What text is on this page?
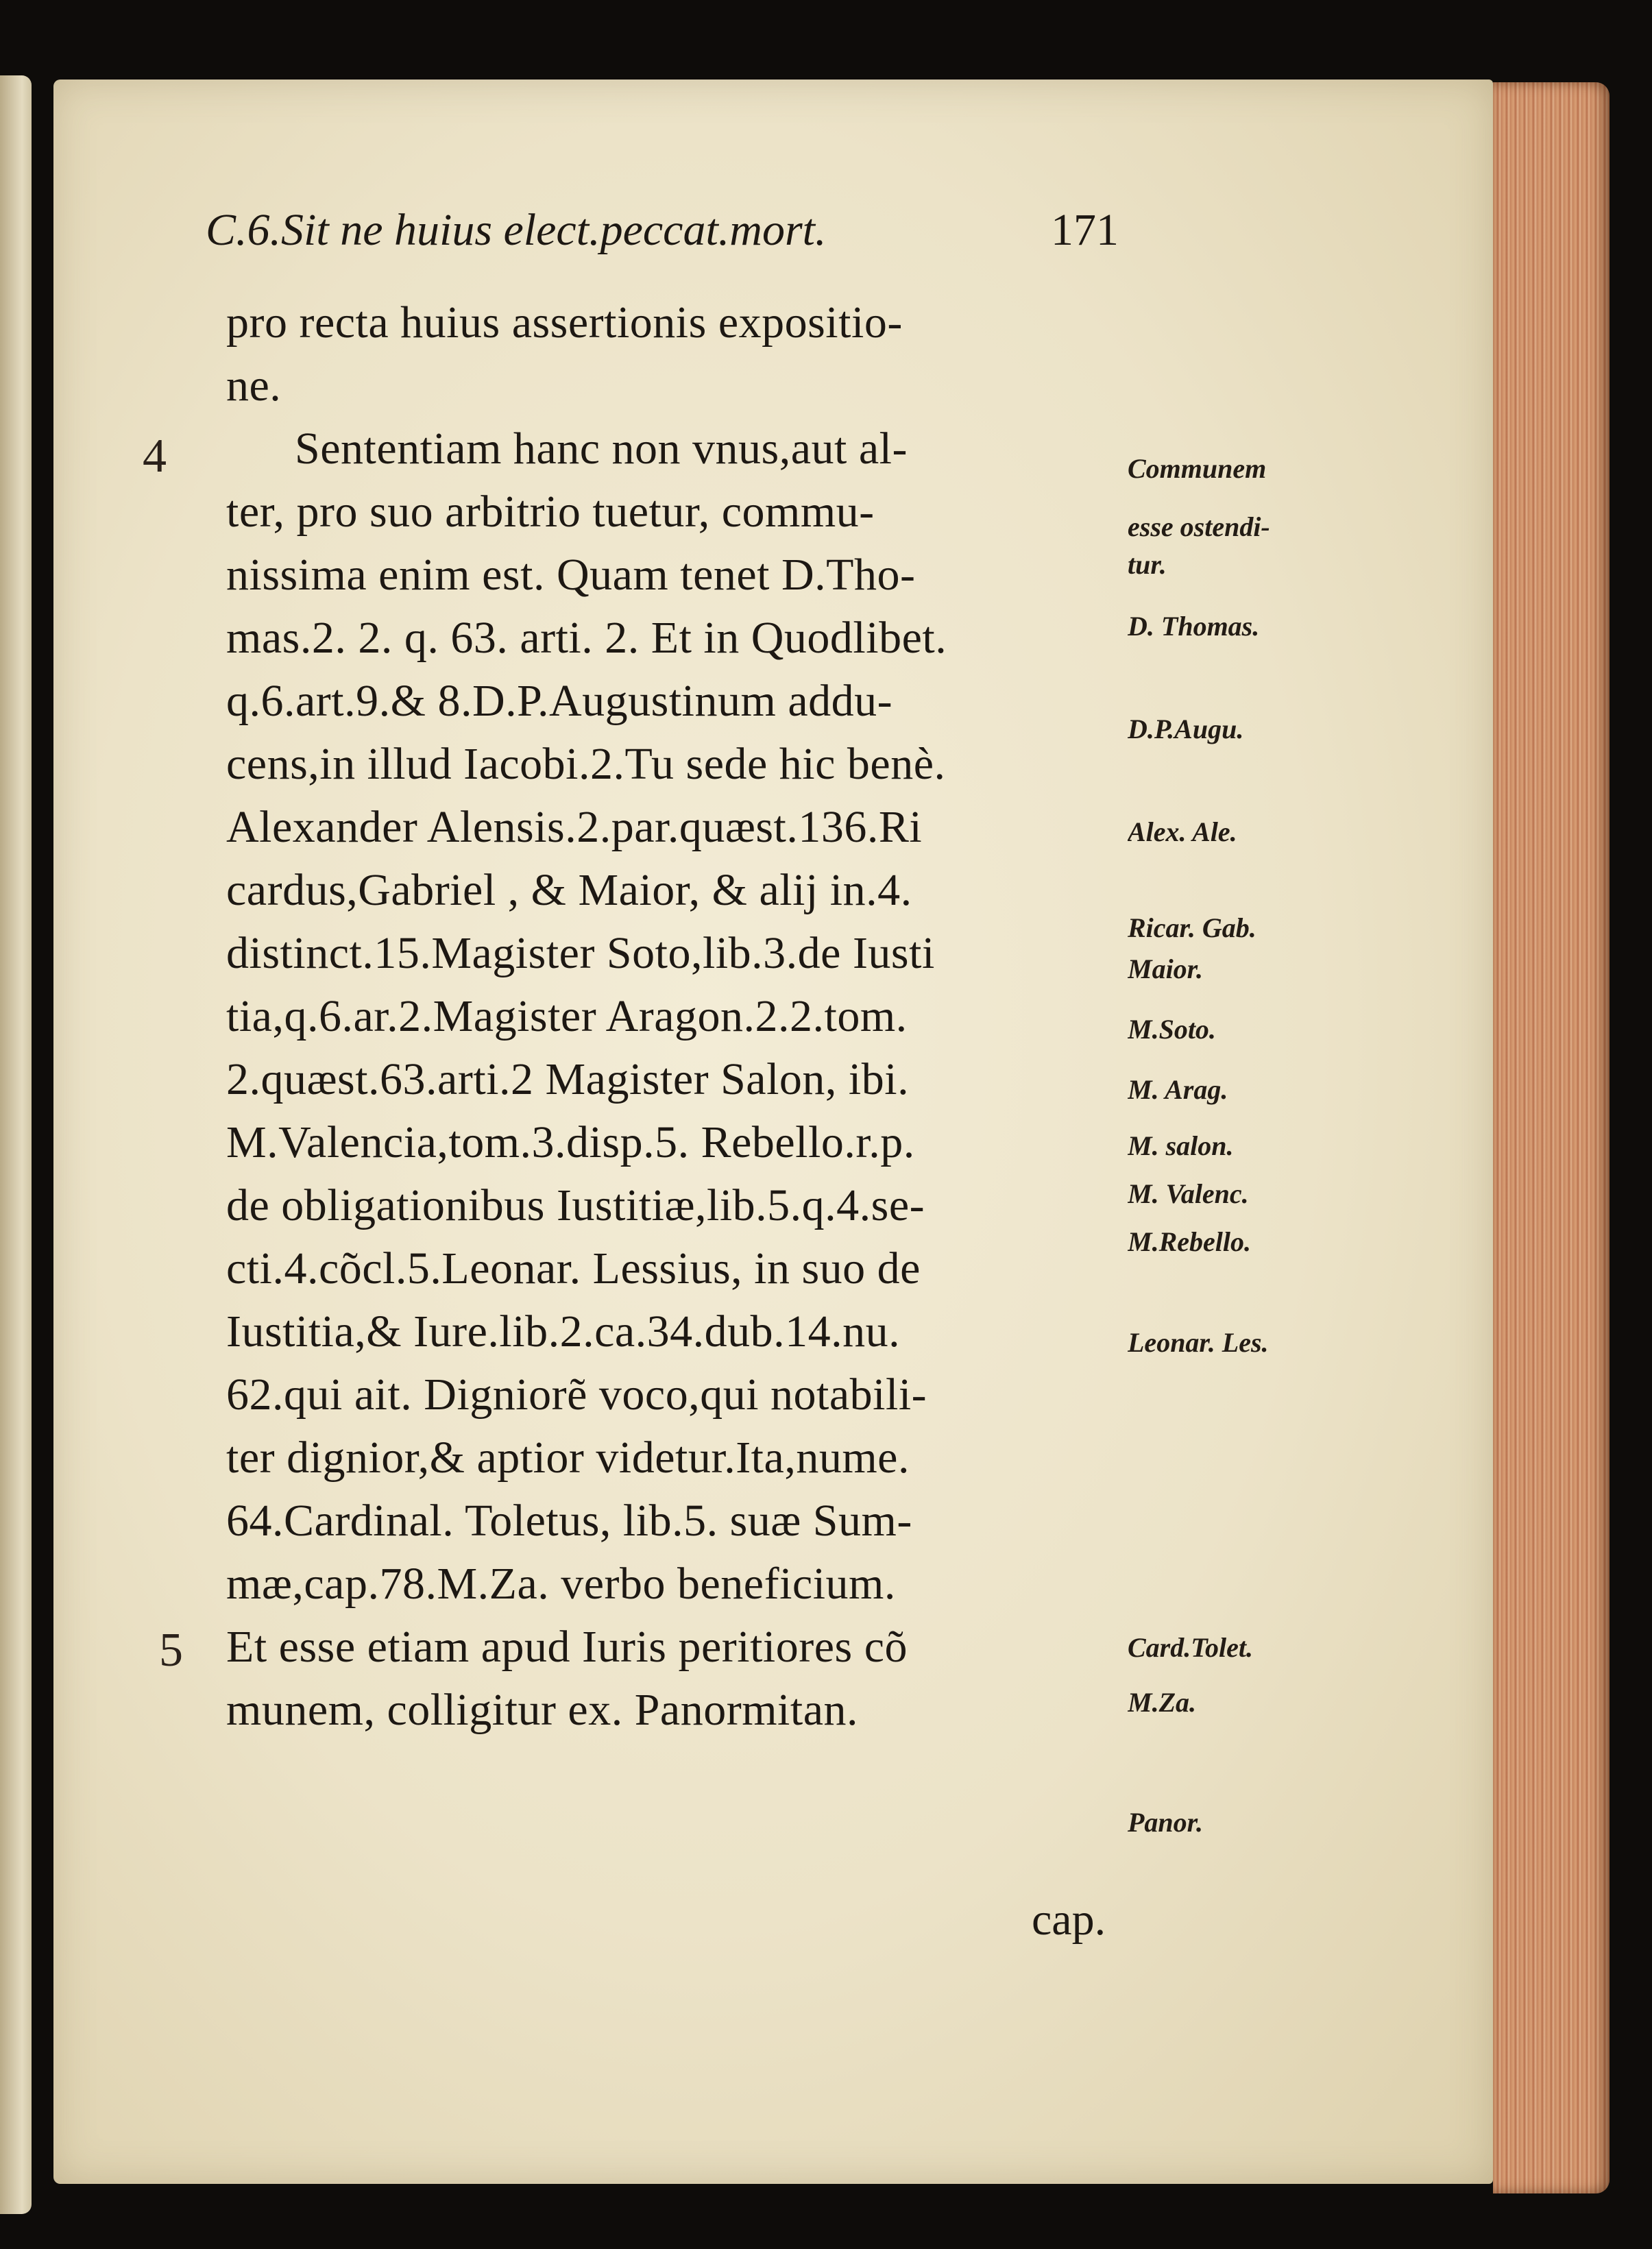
C.6.Sit ne huius elect.peccat.mort.	171
pro recta huius assertionis expositio-
ne.
Sententiam hanc non vnus,aut al-
ter, pro suo arbitrio tuetur, commu-
nissima enim est. Quam tenet D.Tho-
mas.2. 2. q. 63. arti. 2. Et in Quodlibet.
q.6.art.9.& 8.D.P.Augustinum addu-
cens,in illud Iacobi.2.Tu sede hic benè.
Alexander Alensis.2.par.quæst.136.Ri
cardus,Gabriel , & Maior, & alij in.4.
distinct.15.Magister Soto,lib.3.de Iusti
tia,q.6.ar.2.Magister Aragon.2.2.tom.
2.quæst.63.arti.2 Magister Salon, ibi.
M.Valencia,tom.3.disp.5. Rebello.r.p.
de obligationibus Iustitiæ,lib.5.q.4.se-
cti.4.cõcl.5.Leonar. Lessius, in suo de
Iustitia,& Iure.lib.2.ca.34.dub.14.nu.
62.qui ait. Digniorẽ voco,qui notabili-
ter dignior,& aptior videtur.Ita,nume.
64.Cardinal. Toletus, lib.5. suæ Sum-
mæ,cap.78.M.Za. verbo beneficium.
Et esse etiam apud Iuris peritiores cõ
munem, colligitur ex. Panormitan.
4
5
Communem
esse ostendi-
tur.
D. Thomas.
D.P.Augu.
Alex. Ale.
Ricar. Gab.
Maior.
M.Soto.
M. Arag.
M. salon.
M. Valenc.
M.Rebello.
Leonar. Les.
Card.Tolet.
M.Za.
Panor.
cap.
